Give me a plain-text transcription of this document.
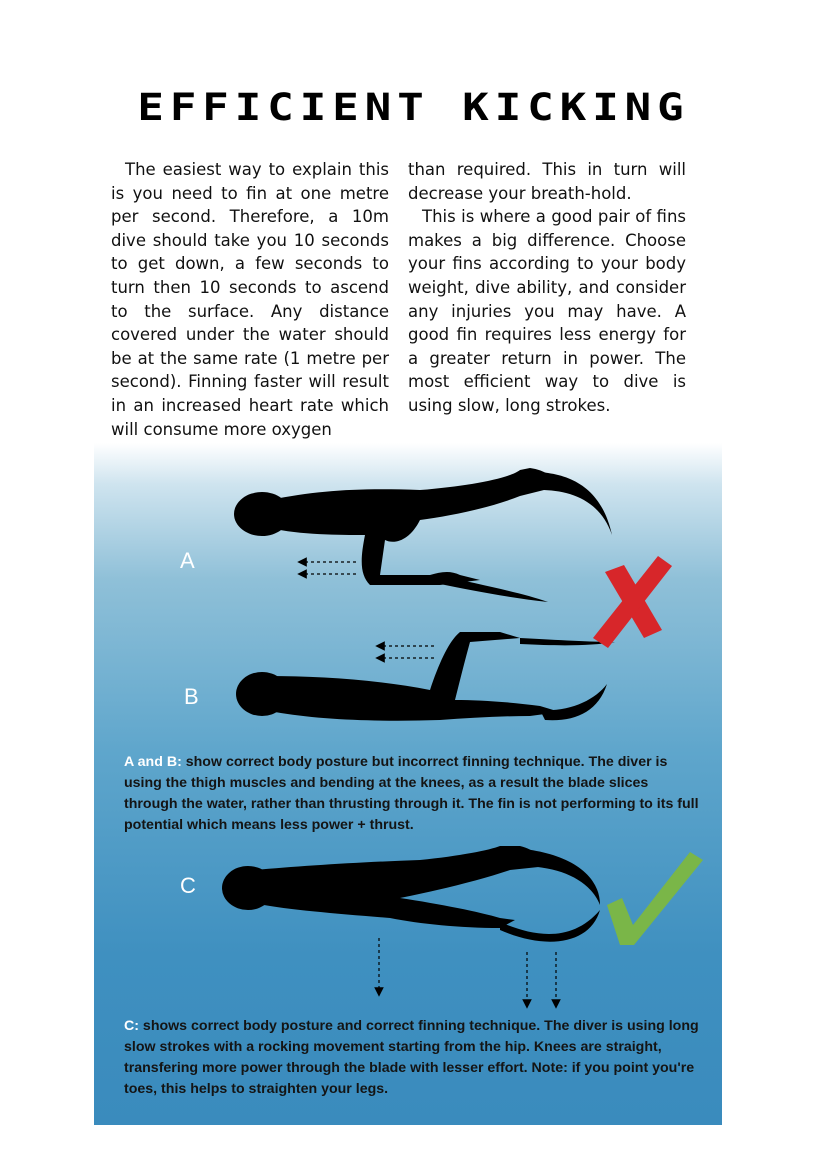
EFFICIENT KICKING

The easiest way to explain this is you need to fin at one metre per second. Therefore, a 10m dive should take you 10 seconds to get down, a few seconds to turn then 10 seconds to ascend to the surface. Any distance covered under the water should be at the same rate (1 metre per second). Finning faster will result in an increased heart rate which will consume more oxygen

than required. This in turn will decrease your breath-hold.

This is where a good pair of fins makes a big difference. Choose your fins according to your body weight, dive ability, and consider any injuries you may have. A good fin requires less energy for a greater return in power. The most efficient way to dive is using slow, long strokes.

A
B
C
A and B: show correct body posture but incorrect finning technique. The diver is using the thigh muscles and bending at the knees, as a result the blade slices through the water, rather than thrusting through it. The fin is not performing to its full potential which means less power + thrust.
C: shows correct body posture and correct finning technique. The diver is using long slow strokes with a rocking movement starting from the hip. Knees are straight, transfering more power through the blade with lesser effort. Note: if you point you're toes, this helps to straighten your legs.
